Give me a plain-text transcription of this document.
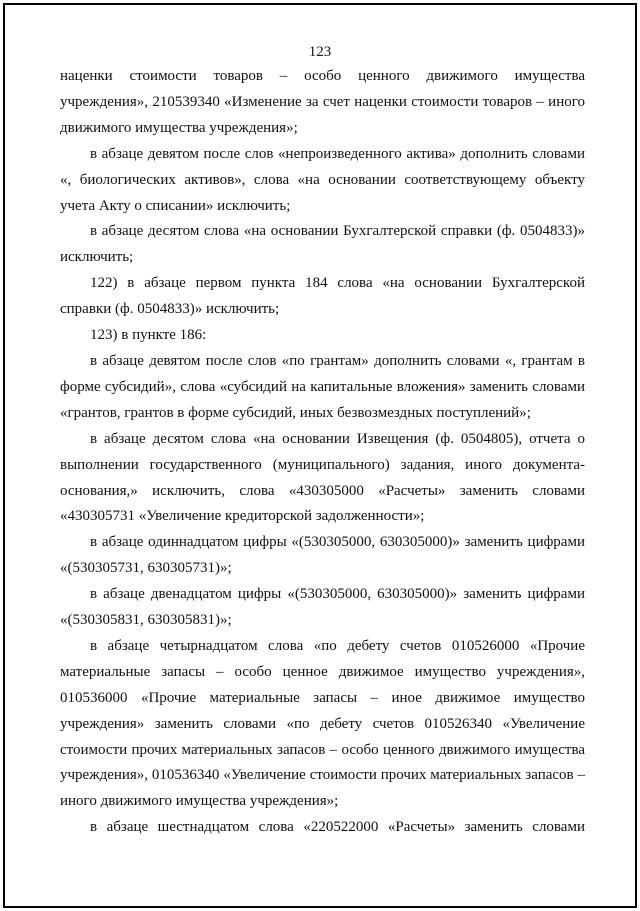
123

наценки стоимости товаров – особо ценного движимого имущества учреждения», 210539340 «Изменение за счет наценки стоимости товаров – иного движимого имущества учреждения»;

в абзаце девятом после слов «непроизведенного актива» дополнить словами «, биологических активов», слова «на основании соответствующему объекту учета Акту о списании» исключить;

в абзаце десятом слова «на основании Бухгалтерской справки (ф. 0504833)» исключить;

122) в абзаце первом пункта 184 слова «на основании Бухгалтерской справки (ф. 0504833)» исключить;

123) в пункте 186:

в абзаце девятом после слов «по грантам» дополнить словами «, грантам в форме субсидий», слова «субсидий на капитальные вложения» заменить словами «грантов, грантов в форме субсидий, иных безвозмездных поступлений»;

в абзаце десятом слова «на основании Извещения (ф. 0504805), отчета о выполнении государственного (муниципального) задания, иного документа-основания,» исключить, слова «430305000 «Расчеты» заменить словами «430305731 «Увеличение кредиторской задолженности»;

в абзаце одиннадцатом цифры «(530305000, 630305000)» заменить цифрами «(530305731, 630305731)»;

в абзаце двенадцатом цифры «(530305000, 630305000)» заменить цифрами «(530305831, 630305831)»;

в абзаце четырнадцатом слова «по дебету счетов 010526000 «Прочие материальные запасы – особо ценное движимое имущество учреждения», 010536000 «Прочие материальные запасы – иное движимое имущество учреждения» заменить словами «по дебету счетов 010526340 «Увеличение стоимости прочих материальных запасов – особо ценного движимого имущества учреждения», 010536340 «Увеличение стоимости прочих материальных запасов – иного движимого имущества учреждения»;

в абзаце шестнадцатом слова «220522000 «Расчеты» заменить словами
